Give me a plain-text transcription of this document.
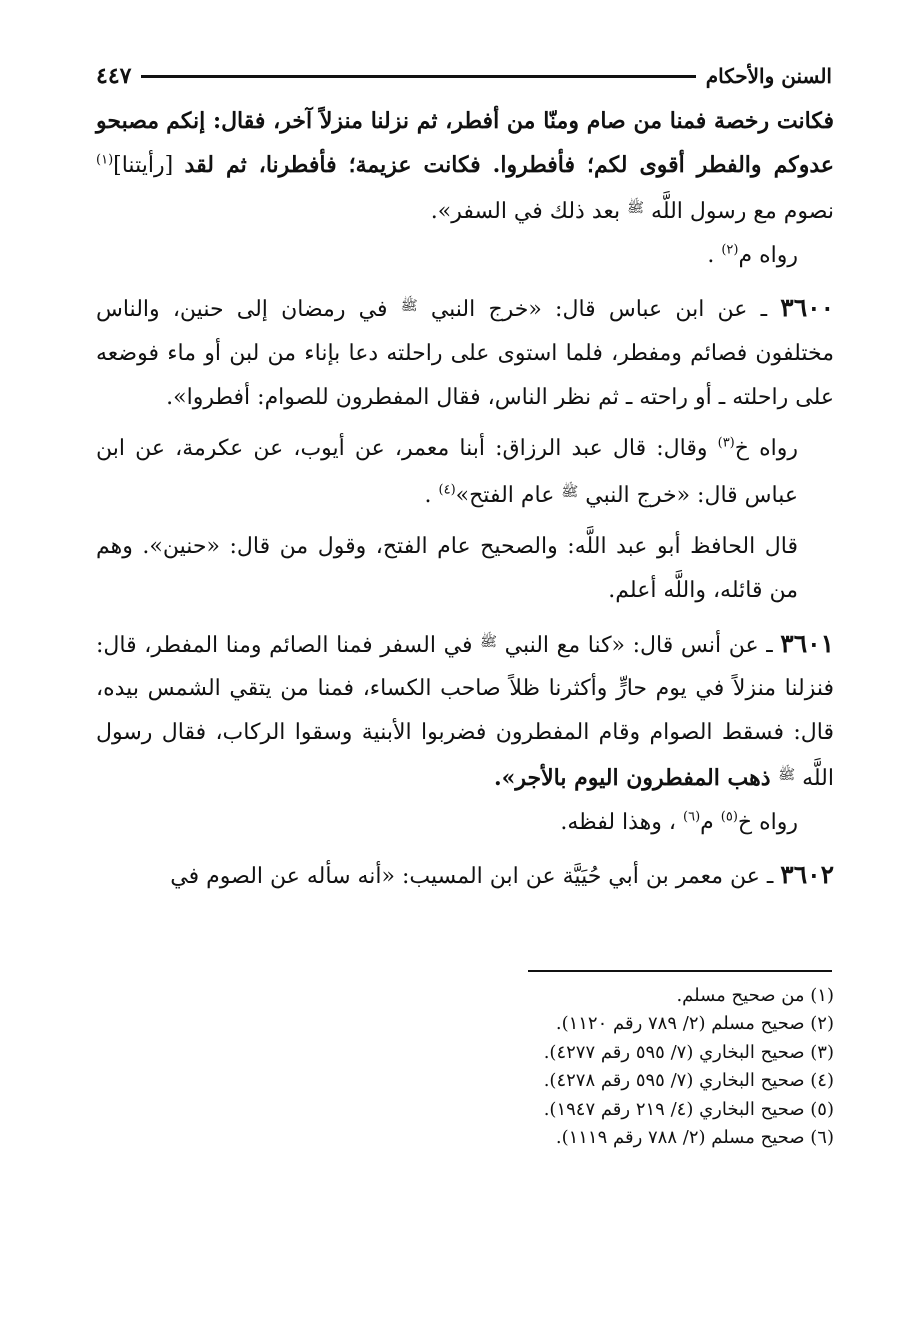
السنن والأحكام
٤٤٧

فكانت رخصة فمنا من صام ومنّا من أفطر، ثم نزلنا منزلاً آخر، فقال: إنكم مصبحو عدوكم والفطر أقوى لكم؛ فأفطروا. فكانت عزيمة؛ فأفطرنا، ثم لقد [رأيتنا]$^{(١)}$ نصوم مع رسول اللَّه $^ﷺ$ بعد ذلك في السفر».

رواه م$^{(٢)}$ .

٣٦٠٠ ـ عن ابن عباس قال: «خرج النبي $^ﷺ$ في رمضان إلى حنين، والناس مختلفون فصائم ومفطر، فلما استوى على راحلته دعا بإناء من لبن أو ماء فوضعه على راحلته ـ أو راحته ـ ثم نظر الناس، فقال المفطرون للصوام: أفطروا».

رواه خ$^{(٣)}$ وقال: قال عبد الرزاق: أبنا معمر، عن أيوب، عن عكرمة، عن ابن عباس قال: «خرج النبي $^ﷺ$ عام الفتح»$^{(٤)}$ .

قال الحافظ أبو عبد اللَّه: والصحيح عام الفتح، وقول من قال: «حنين». وهم من قائله، واللَّه أعلم.

٣٦٠١ ـ عن أنس قال: «كنا مع النبي $^ﷺ$ في السفر فمنا الصائم ومنا المفطر، قال: فنزلنا منزلاً في يوم حارٍّ وأكثرنا ظلاً صاحب الكساء، فمنا من يتقي الشمس بيده، قال: فسقط الصوام وقام المفطرون فضربوا الأبنية وسقوا الركاب، فقال رسول اللَّه $^ﷺ$ ذهب المفطرون اليوم بالأجر».

رواه خ$^{(٥)}$ م$^{(٦)}$ ، وهذا لفظه.

٣٦٠٢ ـ عن معمر بن أبي حُيَيَّة عن ابن المسيب: «أنه سأله عن الصوم في

(١) من صحيح مسلم.
(٢) صحيح مسلم (٢/ ٧٨٩ رقم ١١٢٠).
(٣) صحيح البخاري (٧/ ٥٩٥ رقم ٤٢٧٧).
(٤) صحيح البخاري (٧/ ٥٩٥ رقم ٤٢٧٨).
(٥) صحيح البخاري (٤/ ٢١٩ رقم ١٩٤٧).
(٦) صحيح مسلم (٢/ ٧٨٨ رقم ١١١٩).
